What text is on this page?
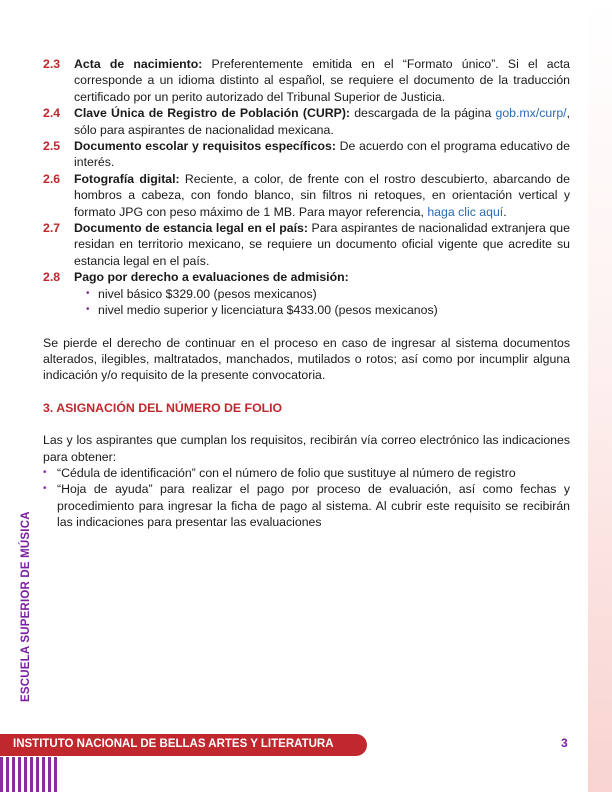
2.3	Acta de nacimiento: Preferentemente emitida en el “Formato único”. Si el acta corresponde a un idioma distinto al español, se requiere el documento de la traducción certificado por un perito autorizado del Tribunal Superior de Justicia.
2.4	Clave Única de Registro de Población (CURP): descargada de la página gob.mx/curp/, sólo para aspirantes de nacionalidad mexicana.
2.5	Documento escolar y requisitos específicos: De acuerdo con el programa educativo de interés.
2.6	Fotografía digital: Reciente, a color, de frente con el rostro descubierto, abarcando de hombros a cabeza, con fondo blanco, sin filtros ni retoques, en orientación vertical y formato JPG con peso máximo de 1 MB. Para mayor referencia, haga clic aquí.
2.7	Documento de estancia legal en el país: Para aspirantes de nacionalidad extranjera que residan en territorio mexicano, se requiere un documento oficial vigente que acredite su estancia legal en el país.
2.8	Pago por derecho a evaluaciones de admisión:
• nivel básico $329.00 (pesos mexicanos)
• nivel medio superior y licenciatura $433.00 (pesos mexicanos)
Se pierde el derecho de continuar en el proceso en caso de ingresar al sistema documentos alterados, ilegibles, maltratados, manchados, mutilados o rotos; así como por incumplir alguna indicación y/o requisito de la presente convocatoria.
3. ASIGNACIÓN DEL NÚMERO DE FOLIO
Las y los aspirantes que cumplan los requisitos, recibirán vía correo electrónico las indicaciones para obtener:
• “Cédula de identificación” con el número de folio que sustituye al número de registro
• “Hoja de ayuda” para realizar el pago por proceso de evaluación, así como fechas y procedimiento para ingresar la ficha de pago al sistema. Al cubrir este requisito se recibirán las indicaciones para presentar las evaluaciones
ESCUELA SUPERIOR DE MÚSICA
INSTITUTO NACIONAL DE BELLAS ARTES Y LITERATURA	3
